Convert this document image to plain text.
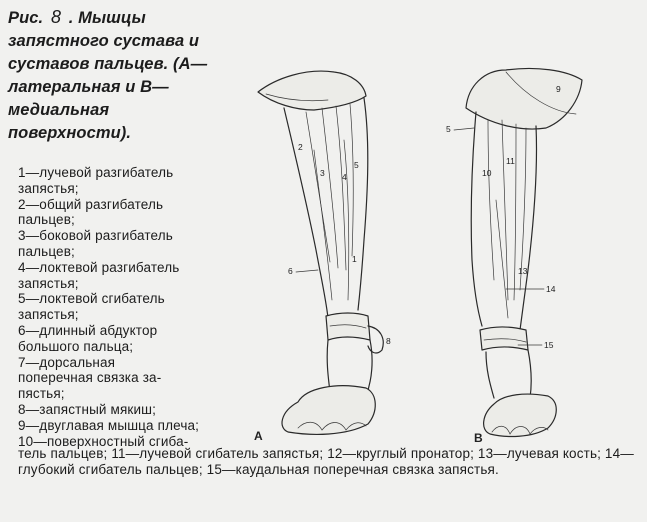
Рис. 8 . Мышцы запястного сустава и суставов пальцев. (А—латеральная и В—медиальная поверхности).
1—лучевой разгибатель
запястья;
2—общий разгибатель
пальцев;
3—боковой разгибатель
пальцев;
4—локтевой разгибатель
запястья;
5—локтевой сгибатель
запястья;
6—длинный абдуктор
большого пальца;
7—дорсальная
поперечная связка за-
пястья;
8—запястный мякиш;
9—двуглавая мышца плеча;
10—поверхностный сгиба-
2
3 4
5
1
6
8
А
9
5
11
10
13
14
15
В
тель пальцев; 11—лучевой сгибатель запястья; 12—круглый пронатор; 13—лучевая кость; 14—глубокий сгибатель пальцев; 15—каудальная поперечная связка запястья.
